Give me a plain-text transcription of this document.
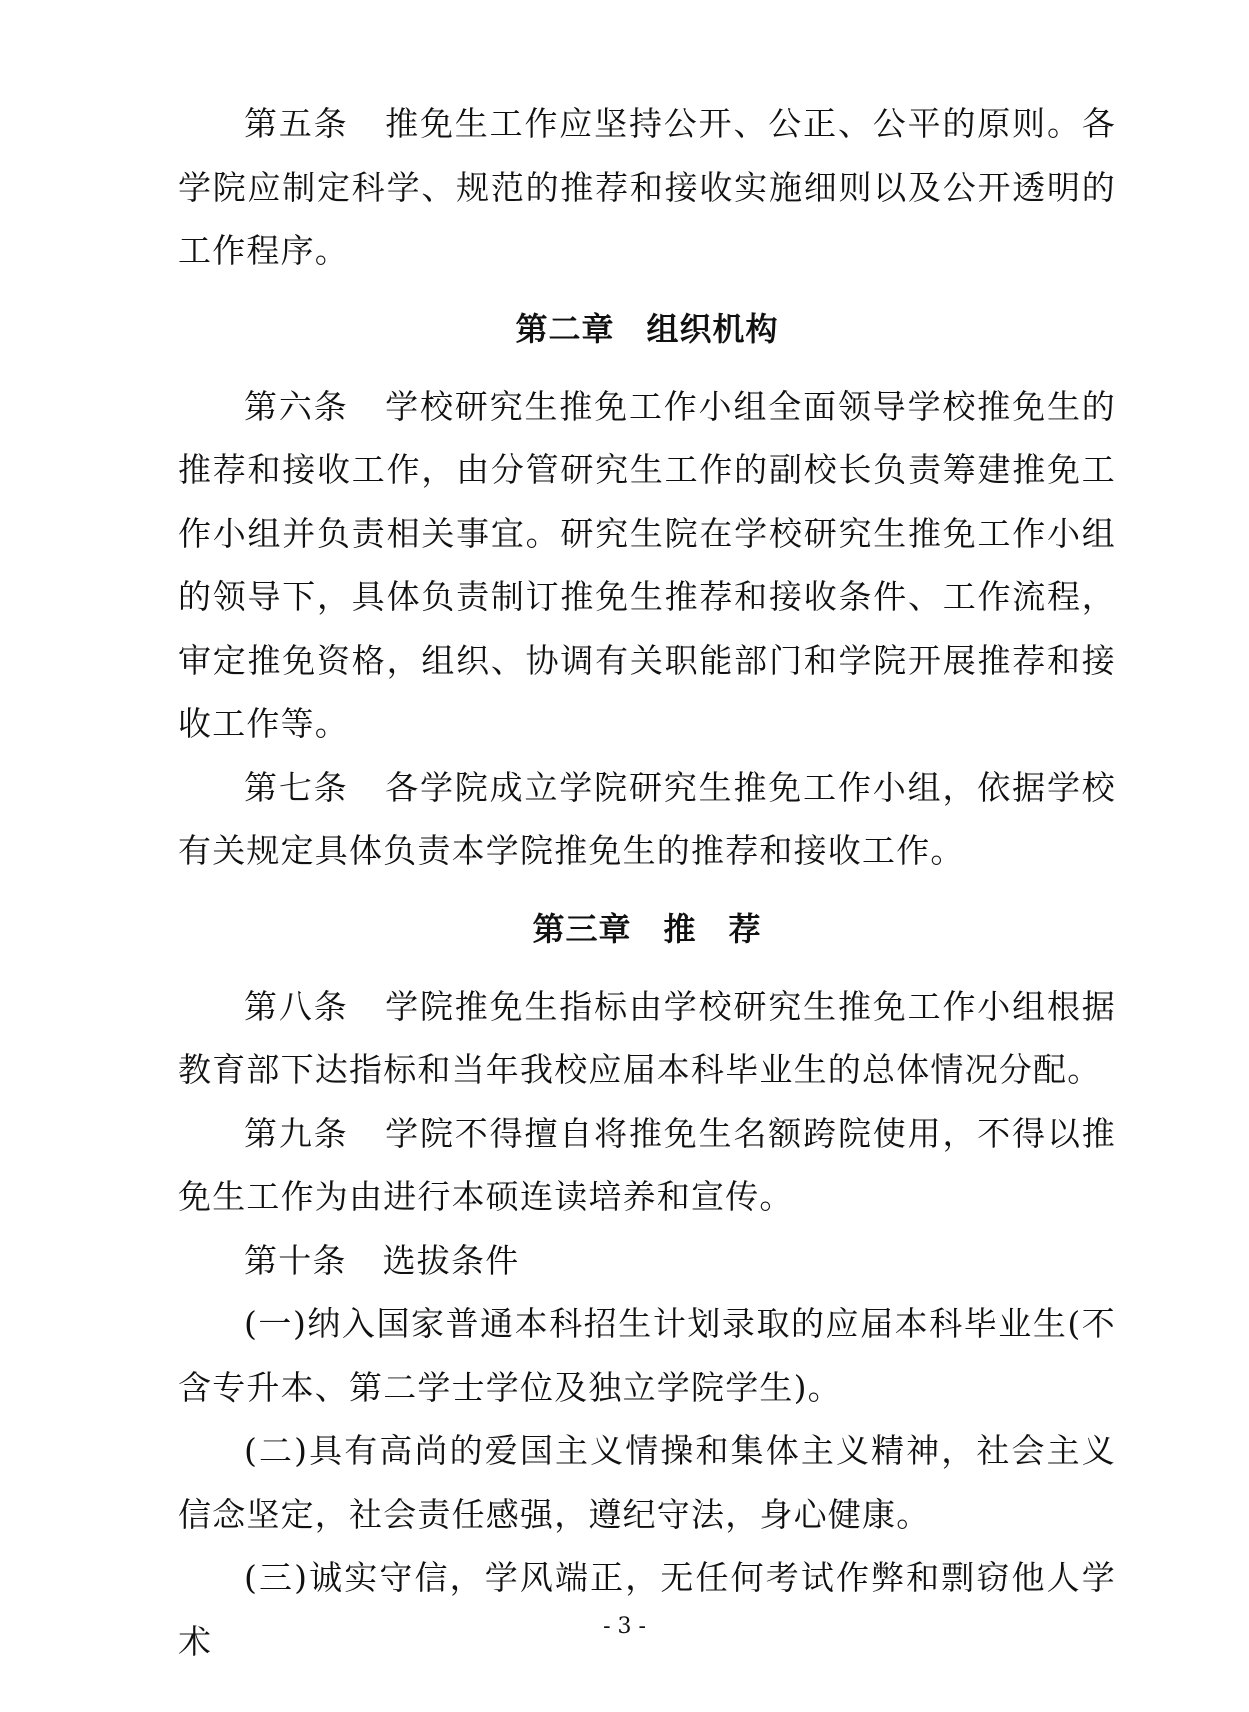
第五条 推免生工作应坚持公开、公正、公平的原则。各学院应制定科学、规范的推荐和接收实施细则以及公开透明的工作程序。

第二章 组织机构

第六条 学校研究生推免工作小组全面领导学校推免生的推荐和接收工作，由分管研究生工作的副校长负责筹建推免工作小组并负责相关事宜。研究生院在学校研究生推免工作小组的领导下，具体负责制订推免生推荐和接收条件、工作流程，审定推免资格，组织、协调有关职能部门和学院开展推荐和接收工作等。

第七条 各学院成立学院研究生推免工作小组，依据学校有关规定具体负责本学院推免生的推荐和接收工作。

第三章 推 荐

第八条 学院推免生指标由学校研究生推免工作小组根据教育部下达指标和当年我校应届本科毕业生的总体情况分配。

第九条 学院不得擅自将推免生名额跨院使用，不得以推免生工作为由进行本硕连读培养和宣传。

第十条 选拔条件

(一)纳入国家普通本科招生计划录取的应届本科毕业生(不含专升本、第二学士学位及独立学院学生)。

(二)具有高尚的爱国主义情操和集体主义精神，社会主义信念坚定，社会责任感强，遵纪守法，身心健康。

(三)诚实守信，学风端正，无任何考试作弊和剽窃他人学术	- 3 -
